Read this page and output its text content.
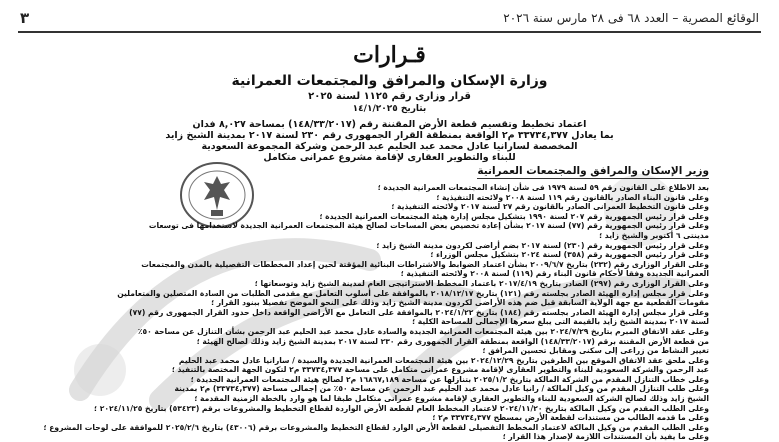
الوقائع المصرية – العدد ٦٨ فى ٢٨ مارس سنة ٢٠٢٦
٣
قـرارات
وزارة الإسكان والمرافق والمجتمعات العمرانية
قرار وزارى رقم ١١٢٥ لسنة ٢٠٢٥
بتاريخ ١٤/١/٢٠٢٥
اعتماد تخطيط وتقسيم قطعة الأرض المقننة رقم (١٤٨/٣٣/٢٠١٧) بمساحة ٨,٠٢٧ فدان
بما يعادل ٣٣٧٣٤,٣٧٧ م٢ الواقعة بمنطقة القرار الجمهورى رقم ٢٣٠ لسنة ٢٠١٧ بمدينة الشيخ زايد
المخصصة لسارانيا عادل محمد عبد الحليم عبد الرحمن وشركة المجموعة السعودية
للبناء والتطوير العقارى لإقامة مشروع عمرانى متكامل
وزير الإسكان والمرافق والمجتمعات العمرانية
بعد الاطلاع على القانون رقم ٥٩ لسنة ١٩٧٩ فى شأن إنشاء المجتمعات العمرانية الجديدة ؛
وعلى قانون البناء الصادر بالقانون رقم ١١٩ لسنة ٢٠٠٨ ولائحته التنفيذية ؛
وعلى قانون التخطيط العمرانى الصادر بالقانون رقم ٢٧ لسنة ٢٠١٧ ولائحته التنفيذية ؛
وعلى قرار رئيس الجمهورية رقم ٢٠٧ لسنة ١٩٩٠ بتشكيل مجلس إدارة هيئة المجتمعات العمرانية الجديدة ؛
وعلى قرار رئيس الجمهورية رقم (٧٧) لسنة ٢٠١٧ بشأن إعادة تخصيص بعض المساحات لصالح هيئة المجتمعات العمرانية الجديدة لاستخدامها فى توسعات
مدينتى ٦ أكتوبر والشيخ زايد ؛
وعلى قرار رئيس الجمهورية رقم (٢٣٠) لسنة ٢٠١٧ بضم أراضى لكردون مدينة الشيخ زايد ؛
وعلى قرار رئيس الجمهورية رقم (٣٥٨) لسنة ٢٠٢٤ بتشكيل مجلس الوزراء ؛
وعلى القرار الوزارى رقم (٢٣٢) بتاريخ ٢٠٠٩/٦/٧ بشأن اعتماد الضوابط والاشتراطات البنائية المؤقتة لحين إعداد المخططات التفصيلية بالمدن والمجتمعات
العمرانية الجديدة وفقا لأحكام قانون البناء رقم (١١٩) لسنة ٢٠٠٨ ولائحته التنفيذية ؛
وعلى القرار الوزارى رقم (٢٩٧) الصادر بتاريخ ٢٠١٧/٤/١٩ باعتماد المخطط الاستراتيجى العام لمدينة الشيخ زايد وتوسعاتها ؛
وعلى قرار مجلس إدارة الهيئة الصادر بجلسته رقم (١٢١) بتاريخ ٢٠١٨/١٢/١٧ بالموافقة على أسلوب التعامل مع مقدمى الطلبات من السادة المتصلين والمتعاملين
مقومات القطعية مع جهة الولاية السابقة قبل ضم هذه الأراضى لكردون مدينة الشيخ زايد وذلك على النحو الموضح تفصيلا ببنود القرار ؛
وعلى قرار مجلس إدارة الهيئة الصادر بجلسته رقم (١٨٤) بتاريخ ٢٠٢٤/١/٢٢ بالموافقة على التعامل مع الأراضى الواقعة داخل حدود القرار الجمهورى رقم (٧٧)
لسنة ٢٠١٧ بمدينة الشيخ زايد بالقيمة التى يبلغ سعرها الإجمالى للمساحة الكلية ؛
وعلى عقد الاتفاق المبرم بتاريخ ٢٠٢٤/٧/٢٩ بين هيئة المجتمعات العمرانية الجديدة والسادة عادل محمد عبد الحليم عبد الرحمن بشأن التنازل عن مساحة ٥٠٪
من قطعة الأرض المقننة برقم (١٤٨/٣٣/٢٠١٧) الواقعة بمنطقة القرار الجمهورى رقم ٢٣٠ لسنة ٢٠١٧ بمدينة الشيخ زايد وذلك لصالح الهيئة ؛
تغيير النشاط من زراعى إلى سكنى ومقابل تحسين المرافق ؛
وعلى ملحق عقد الاتفاق الموقع بين الطرفين بتاريخ ٢٠٢٤/١٢/٢٩ بين هيئة المجتمعات العمرانية الجديدة والسيدة / سارانيا عادل محمد عبد الحليم
عبد الرحمن والشركة السعودية للبناء والتطوير العقارى لإقامة مشروع عمرانى متكامل على مساحة ٣٣٧٣٤,٣٧٧ م٢ لتكون الجهة المختصة بالتنفيذ ؛
وعلى خطاب التنازل المقدم من الشركة المالكة بتاريخ ٢٠٢٥/١/٢ بتنازلها عن مساحة ١٦٨٦٧,١٨٩ م٢ لصالح هيئة المجتمعات العمرانية الجديدة ؛
وعلى طلب التنازل المقدم من وكيل المالكة / رانيا عادل محمد عبد الحليم عبد الرحمن عن مساحة ٥٠٪ من إجمالى مساحة (٣٣٧٣٤,٣٧٧) م٢ بمدينة
الشيخ زايد وذلك لصالح الشركة السعودية للبناء والتطوير العقارى لإقامة مشروع عمرانى متكامل طبقا لما هو وارد بالخطة الزمنية المقدمة ؛
وعلى الطلب المقدم من وكيل المالكة بتاريخ ٢٠٢٤/١١/٢٠ لاعتماد المخطط العام لقطعة الأرض الواردة لقطاع التخطيط والمشروعات برقم (٥٣٤٢٣) بتاريخ ٢٠٢٤/١١/٢٥ ؛
وعلى ما قدمه الطالب من مستندات لقطعة الأرض بمسطح ٣٣٧٣٤,٣٧٧ م٢ ؛
وعلى الطلب المقدم من وكيل المالكة لاعتماد المخطط التفصيلى لقطعة الأرض الوارد لقطاع التخطيط والمشروعات برقم (٤٣٠٠٦) بتاريخ ٢٠٢٥/٢/٦ للموافقة على لوحات المشروع ؛
وعلى ما يفيد بأن المستندات اللازمة لإصدار هذا القرار ؛
